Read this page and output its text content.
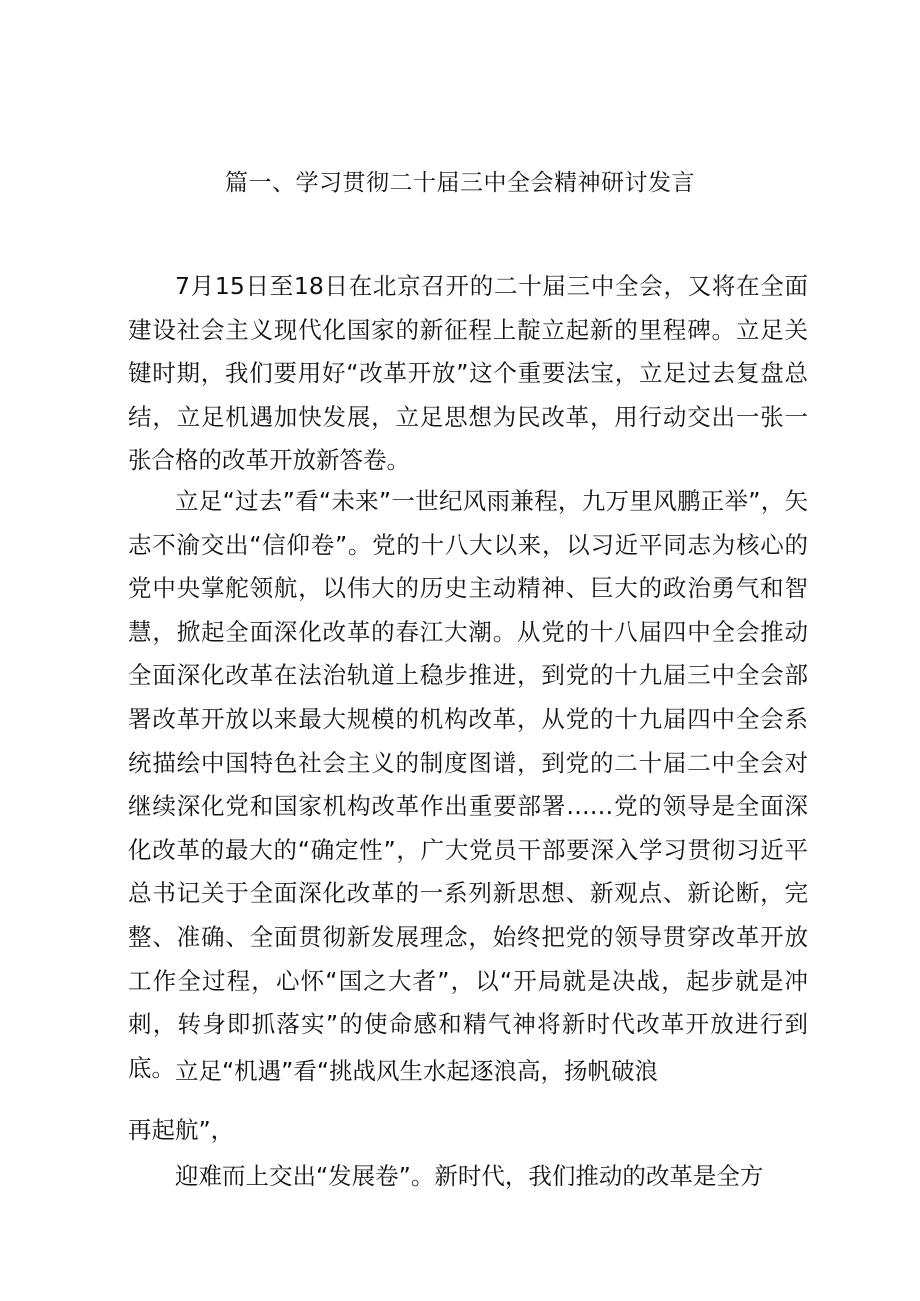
篇一、学习贯彻二十届三中全会精神研讨发言

7月15日至18日在北京召开的二十届三中全会，又将在全面建设社会主义现代化国家的新征程上靛立起新的里程碑。立足关键时期，我们要用好“改革开放”这个重要法宝，立足过去复盘总结，立足机遇加快发展，立足思想为民改革，用行动交出一张一张合格的改革开放新答卷。

立足“过去”看“未来”一世纪风雨兼程，九万里风鹏正举”，矢志不渝交出“信仰卷”。党的十八大以来，以习近平同志为核心的党中央掌舵领航，以伟大的历史主动精神、巨大的政治勇气和智慧，掀起全面深化改革的春江大潮。从党的十八届四中全会推动全面深化改革在法治轨道上稳步推进，到党的十九届三中全会部署改革开放以来最大规模的机构改革，从党的十九届四中全会系统描绘中国特色社会主义的制度图谱，到党的二十届二中全会对继续深化党和国家机构改革作出重要部署……党的领导是全面深化改革的最大的“确定性”，广大党员干部要深入学习贯彻习近平总书记关于全面深化改革的一系列新思想、新观点、新论断，完整、准确、全面贯彻新发展理念，始终把党的领导贯穿改革开放工作全过程，心怀“国之大者”，以“开局就是决战，起步就是冲刺，转身即抓落实”的使命感和精气神将新时代改革开放进行到底。 立足“机遇”看“挑战风生水起逐浪高，扬帆破浪
再起航”，
迎难而上交出“发展卷”。新时代，我们推动的改革是全方
